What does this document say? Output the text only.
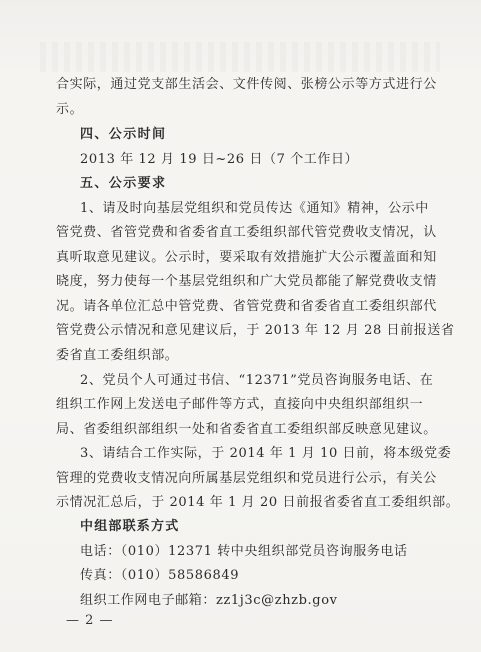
合实际，通过党支部生活会、文件传阅、张榜公示等方式进行公
示。
四、公示时间
2013 年 12 月 19 日~26 日（7 个工作日）
五、公示要求
1、请及时向基层党组织和党员传达《通知》精神，公示中
管党费、省管党费和省委省直工委组织部代管党费收支情况，认
真听取意见建议。公示时，要采取有效措施扩大公示覆盖面和知
晓度，努力使每一个基层党组织和广大党员都能了解党费收支情
况。请各单位汇总中管党费、省管党费和省委省直工委组织部代
管党费公示情况和意见建议后，于 2013 年 12 月 28 日前报送省
委省直工委组织部。
2、党员个人可通过书信、“12371”党员咨询服务电话、在
组织工作网上发送电子邮件等方式，直接向中央组织部组织一
局、省委组织部组织一处和省委省直工委组织部反映意见建议。
3、请结合工作实际，于 2014 年 1 月 10 日前，将本级党委
管理的党费收支情况向所属基层党组织和党员进行公示，有关公
示情况汇总后，于 2014 年 1 月 20 日前报省委省直工委组织部。
中组部联系方式
电话：（010）12371 转中央组织部党员咨询服务电话
传真：（010）58586849
组织工作网电子邮箱：zz1j3c@zhzb.gov
— 2 —
